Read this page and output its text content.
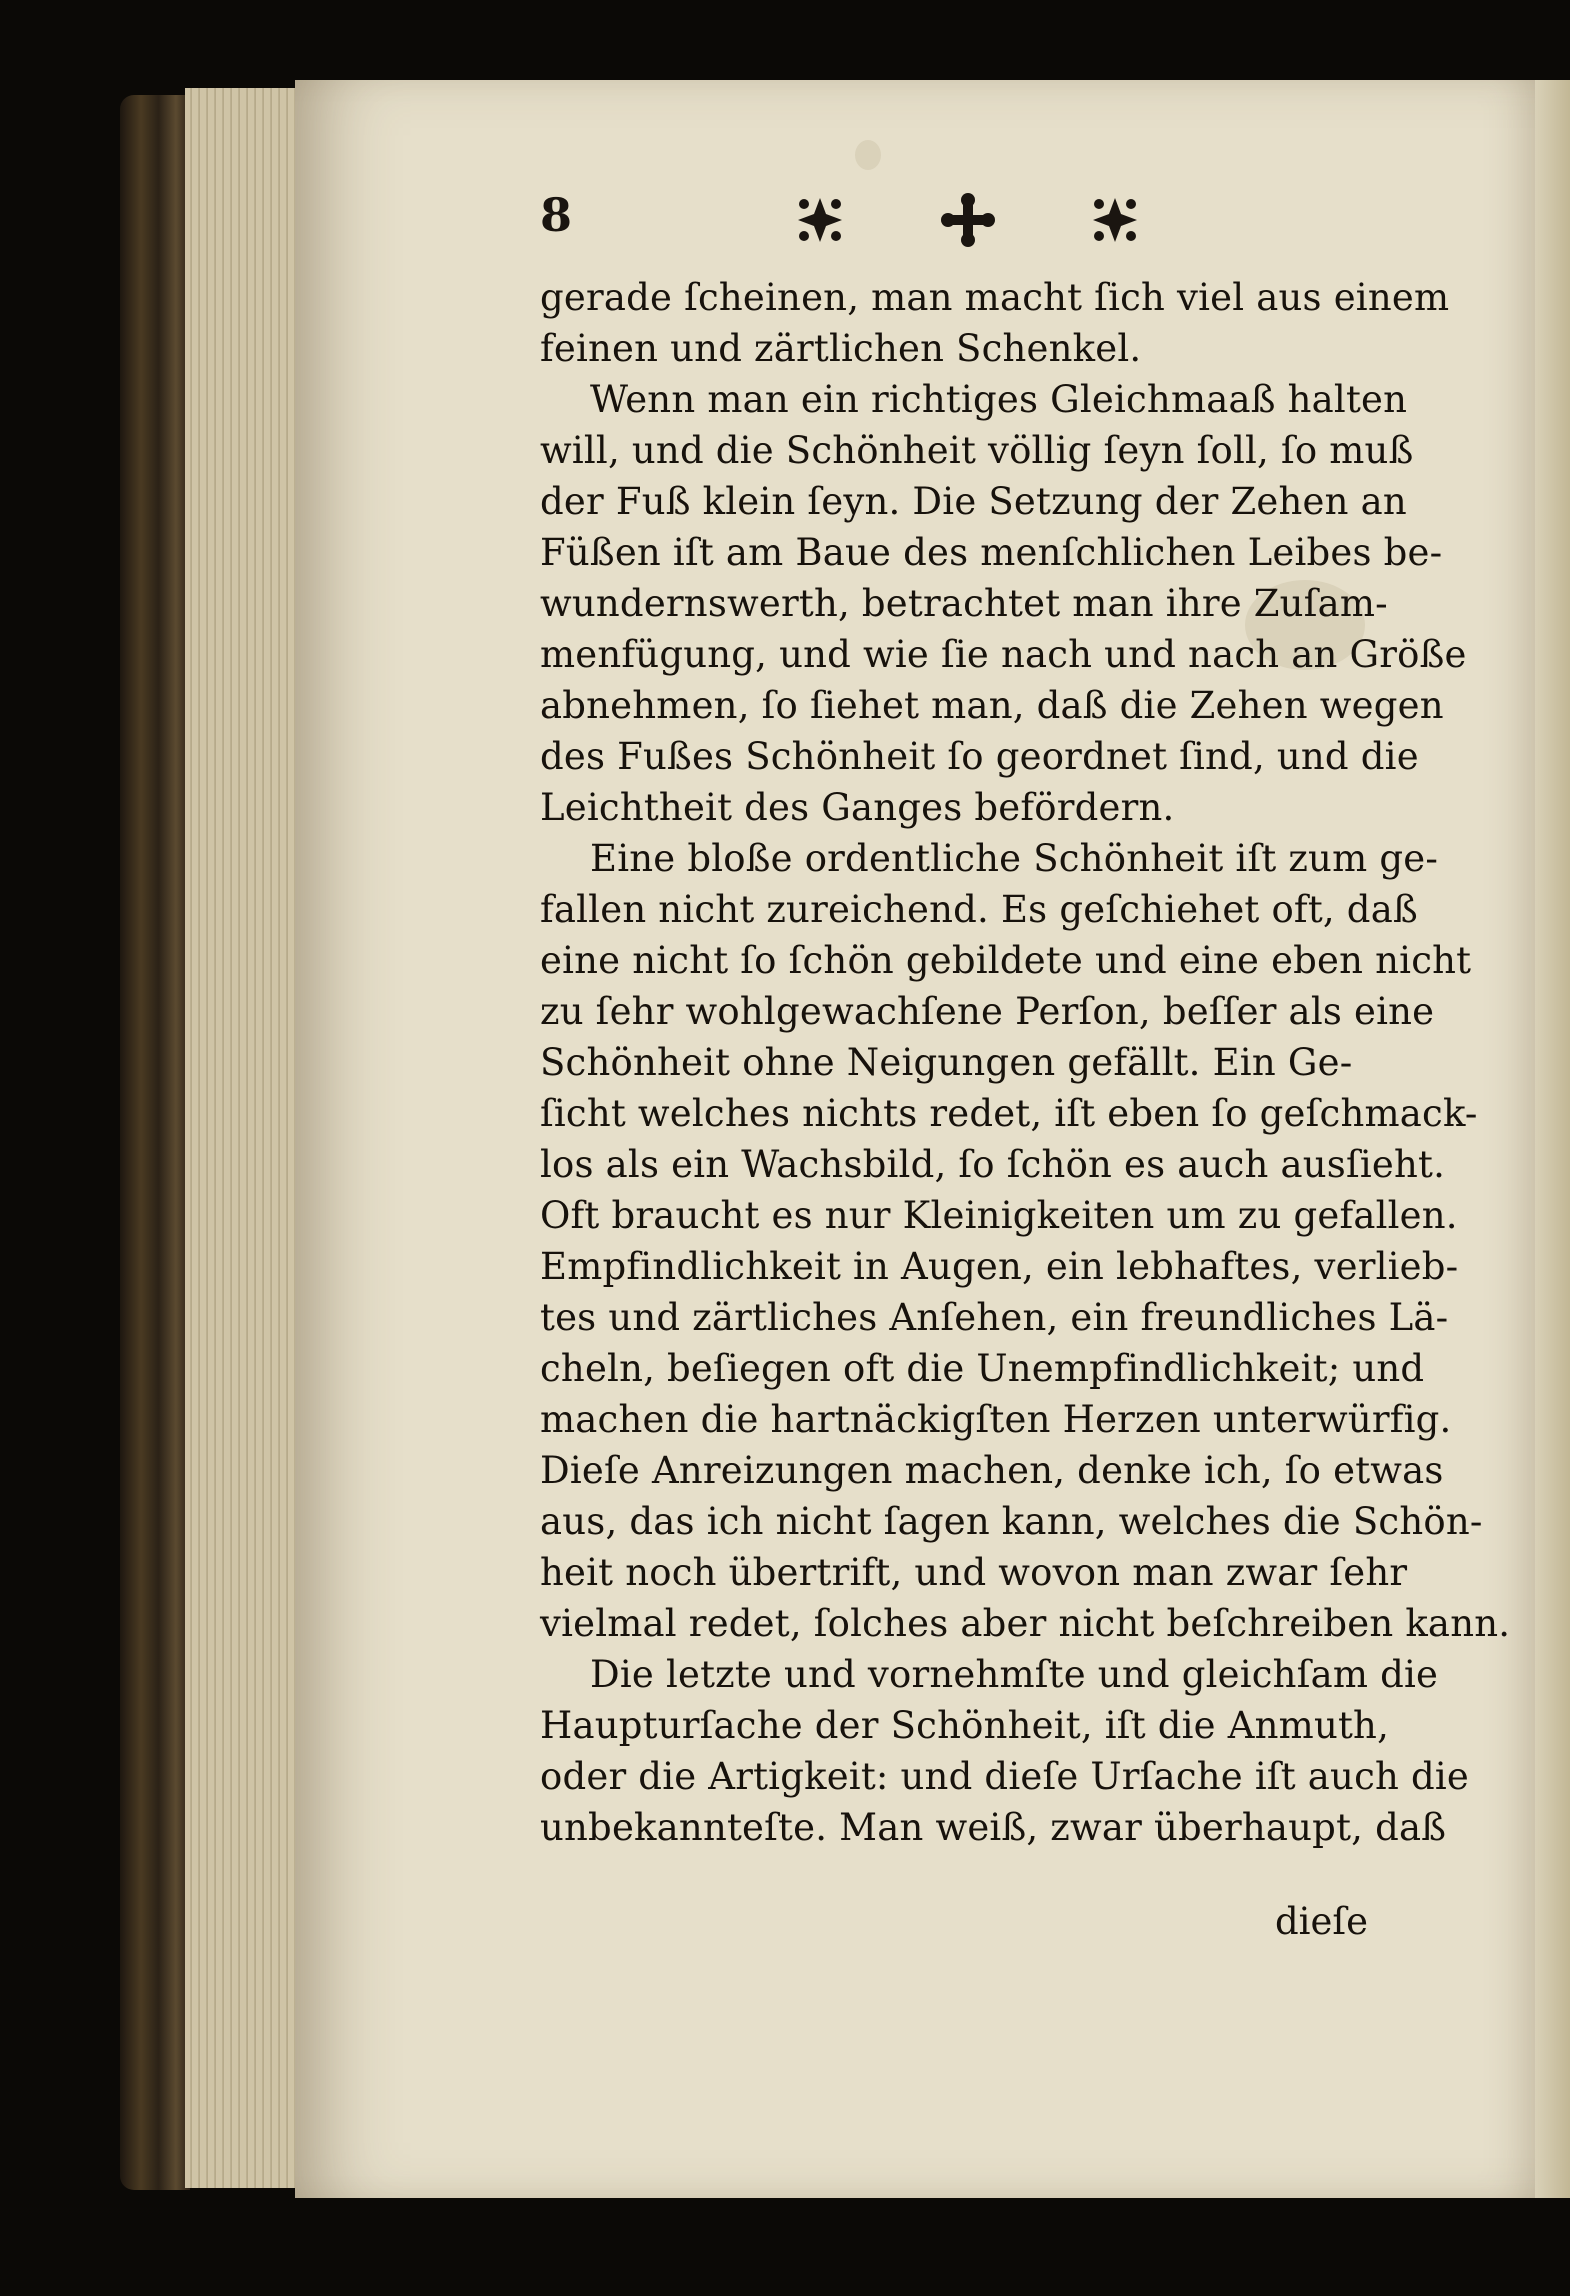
8
gerade ſcheinen, man macht ſich viel aus einem
feinen und zärtlichen Schenkel.
Wenn man ein richtiges Gleichmaaß halten
will, und die Schönheit völlig ſeyn ſoll, ſo muß
der Fuß klein ſeyn. Die Setzung der Zehen an
Füßen iſt am Baue des menſchlichen Leibes be-
wundernswerth, betrachtet man ihre Zuſam-
menfügung, und wie ſie nach und nach an Größe
abnehmen, ſo ſiehet man, daß die Zehen wegen
des Fußes Schönheit ſo geordnet ſind, und die
Leichtheit des Ganges befördern.
Eine bloße ordentliche Schönheit iſt zum ge-
fallen nicht zureichend. Es geſchiehet oft, daß
eine nicht ſo ſchön gebildete und eine eben nicht
zu ſehr wohlgewachſene Perſon, beſſer als eine
Schönheit ohne Neigungen gefällt. Ein Ge-
ſicht welches nichts redet, iſt eben ſo geſchmack-
los als ein Wachsbild, ſo ſchön es auch ausſieht.
Oft braucht es nur Kleinigkeiten um zu gefallen.
Empfindlichkeit in Augen, ein lebhaftes, verlieb-
tes und zärtliches Anſehen, ein freundliches Lä-
cheln, beſiegen oft die Unempfindlichkeit; und
machen die hartnäckigſten Herzen unterwürfig.
Dieſe Anreizungen machen, denke ich, ſo etwas
aus, das ich nicht ſagen kann, welches die Schön-
heit noch übertrift, und wovon man zwar ſehr
vielmal redet, ſolches aber nicht beſchreiben kann.
Die letzte und vornehmſte und gleichſam die
Haupturſache der Schönheit, iſt die Anmuth,
oder die Artigkeit: und dieſe Urſache iſt auch die
unbekannteſte. Man weiß, zwar überhaupt, daß
dieſe
